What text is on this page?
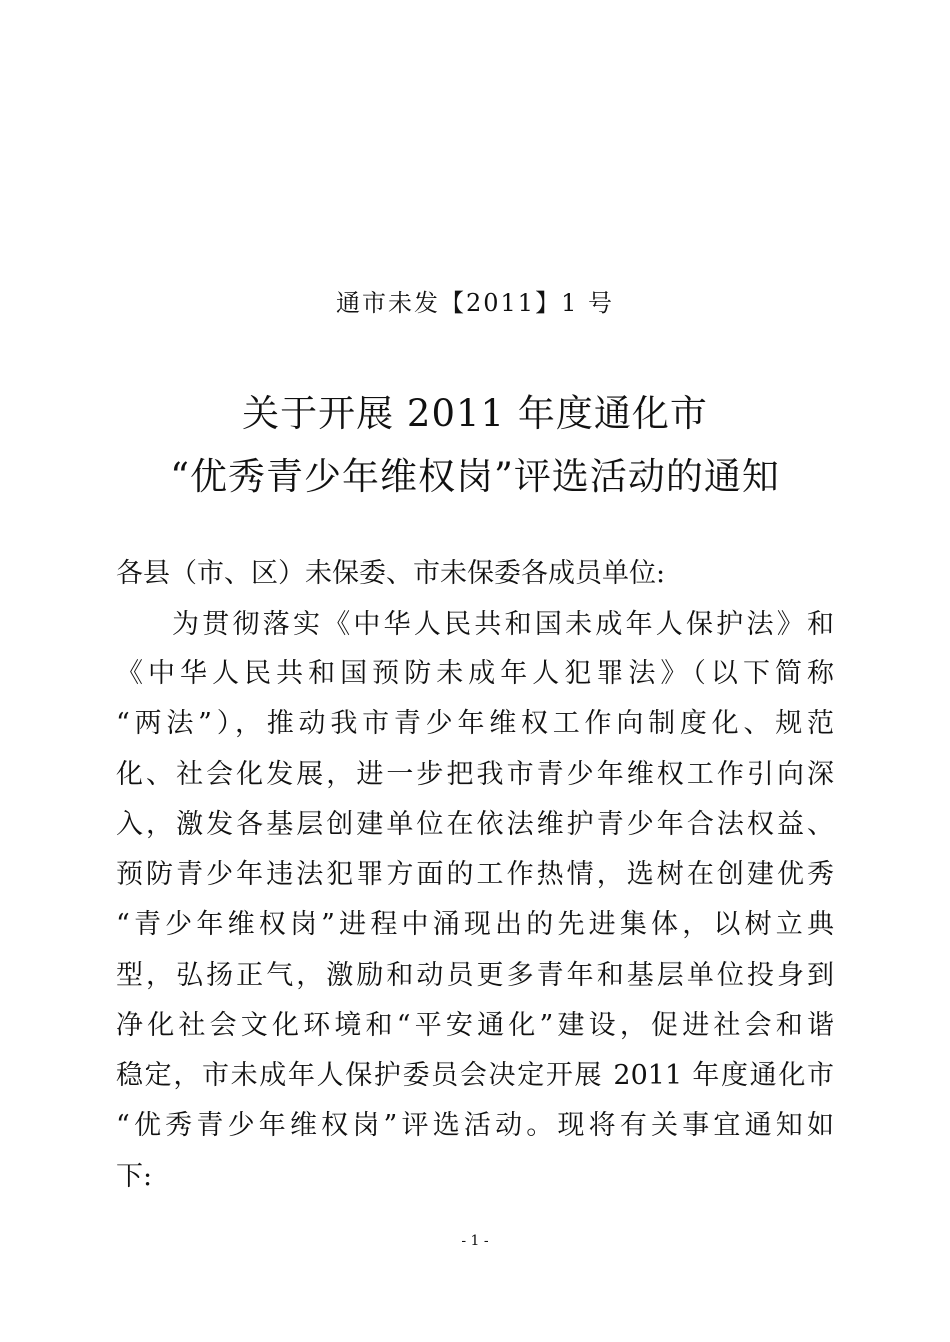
通市未发【2011】1 号
关于开展 2011 年度通化市
“优秀青少年维权岗”评选活动的通知
各县（市、区）未保委、市未保委各成员单位:
为贯彻落实《中华人民共和国未成年人保护法》和
《中华人民共和国预防未成年人犯罪法》（以下简称
“两法”），推动我市青少年维权工作向制度化、规范
化、社会化发展，进一步把我市青少年维权工作引向深
入，激发各基层创建单位在依法维护青少年合法权益、
预防青少年违法犯罪方面的工作热情，选树在创建优秀
“青少年维权岗”进程中涌现出的先进集体，以树立典
型，弘扬正气，激励和动员更多青年和基层单位投身到
净化社会文化环境和“平安通化”建设，促进社会和谐
稳定，市未成年人保护委员会决定开展 2011 年度通化市
“优秀青少年维权岗”评选活动。现将有关事宜通知如
下:
- 1 -
